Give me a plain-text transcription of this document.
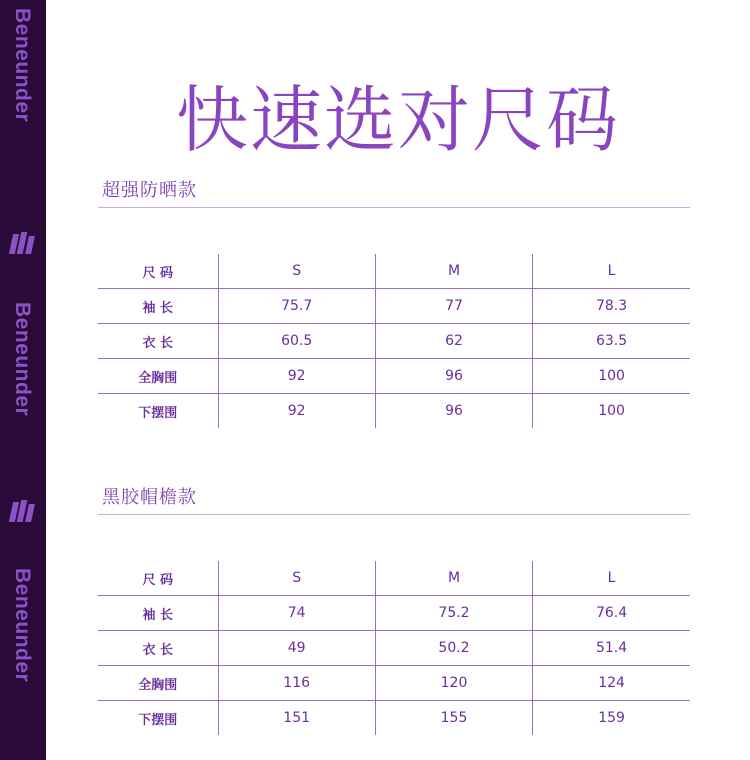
Beneunder
Beneunder
Beneunder
快速选对尺码
超强防晒款
尺 码	S	M	L
袖 长	75.7	77	78.3
衣 长	60.5	62	63.5
全胸围	92	96	100
下摆围	92	96	100
黑胶帽檐款
尺 码	S	M	L
袖 长	74	75.2	76.4
衣 长	49	50.2	51.4
全胸围	116	120	124
下摆围	151	155	159
